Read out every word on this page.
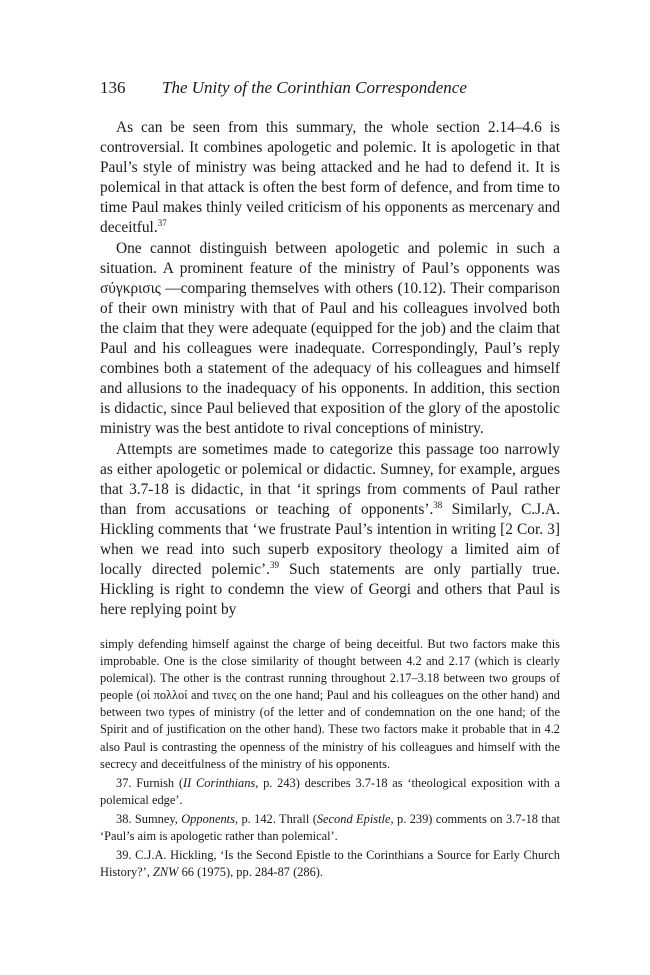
136 The Unity of the Corinthian Correspondence

As can be seen from this summary, the whole section 2.14–4.6 is controversial. It combines apologetic and polemic. It is apologetic in that Paul’s style of ministry was being attacked and he had to defend it. It is polemical in that attack is often the best form of defence, and from time to time Paul makes thinly veiled criticism of his opponents as mercenary and deceitful.$^{37}$

One cannot distinguish between apologetic and polemic in such a situation. A prominent feature of the ministry of Paul’s opponents was σύγκρισις —comparing themselves with others (10.12). Their comparison of their own ministry with that of Paul and his colleagues involved both the claim that they were adequate (equipped for the job) and the claim that Paul and his colleagues were inadequate. Correspondingly, Paul’s reply combines both a statement of the adequacy of his colleagues and himself and allusions to the inadequacy of his opponents. In addition, this section is didactic, since Paul believed that exposition of the glory of the apostolic ministry was the best antidote to rival conceptions of ministry.

Attempts are sometimes made to categorize this passage too narrowly as either apologetic or polemical or didactic. Sumney, for example, argues that 3.7-18 is didactic, in that ‘it springs from comments of Paul rather than from accusations or teaching of opponents’.$^{38}$ Similarly, C.J.A. Hickling comments that ‘we frustrate Paul’s intention in writing [2 Cor. 3] when we read into such superb expository theology a limited aim of locally directed polemic’.$^{39}$ Such statements are only partially true. Hickling is right to condemn the view of Georgi and others that Paul is here replying point by

simply defending himself against the charge of being deceitful. But two factors make this improbable. One is the close similarity of thought between 4.2 and 2.17 (which is clearly polemical). The other is the contrast running throughout 2.17–3.18 between two groups of people (οἱ πολλοί and τινες on the one hand; Paul and his colleagues on the other hand) and between two types of ministry (of the letter and of condemnation on the one hand; of the Spirit and of justification on the other hand). These two factors make it probable that in 4.2 also Paul is contrasting the openness of the ministry of his colleagues and himself with the secrecy and deceitfulness of the ministry of his opponents.

37. Furnish (II Corinthians, p. 243) describes 3.7-18 as ‘theological exposition with a polemical edge’.

38. Sumney, Opponents, p. 142. Thrall (Second Epistle, p. 239) comments on 3.7-18 that ‘Paul’s aim is apologetic rather than polemical’.

39. C.J.A. Hickling, ‘Is the Second Epistle to the Corinthians a Source for Early Church History?’, ZNW 66 (1975), pp. 284-87 (286).
